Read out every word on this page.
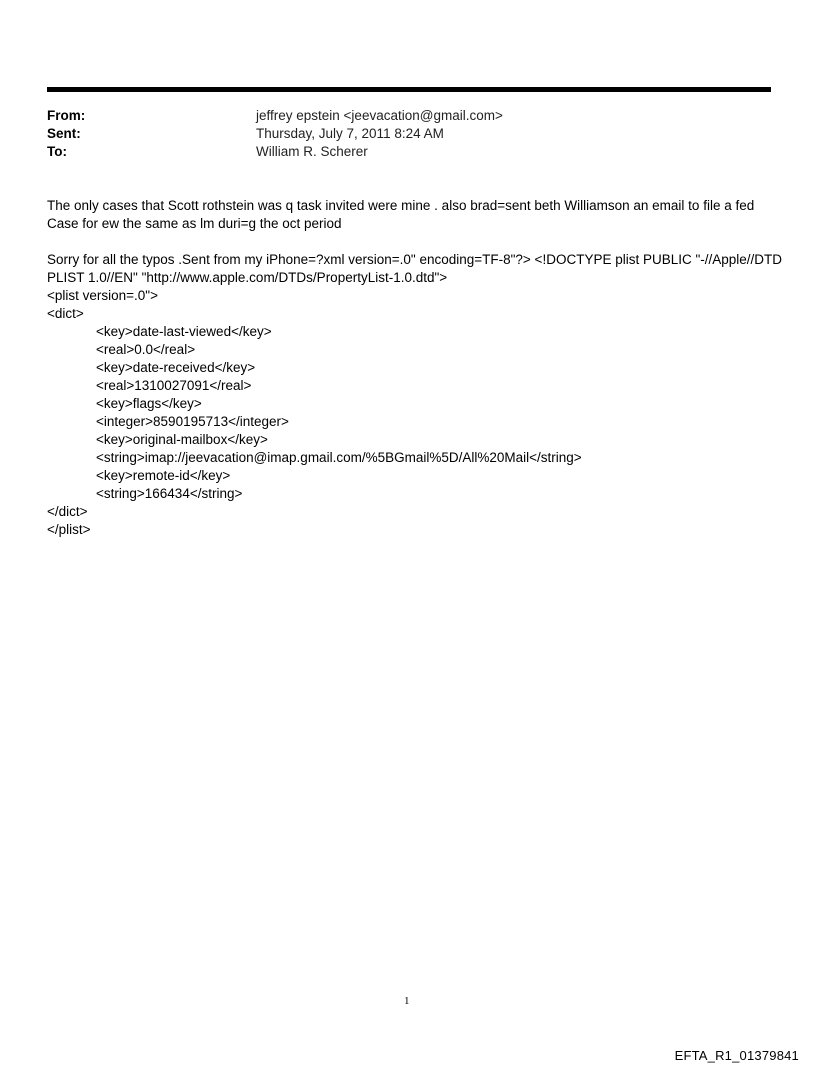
From:	jeffrey epstein <jeevacation@gmail.com>
Sent:	Thursday, July 7, 2011 8:24 AM
To:	William R. Scherer
The only cases that Scott rothstein was q task invited were mine . also brad=sent beth Williamson an email to file a fed
Case for ew the same as lm duri=g the oct period
Sorry for all the typos .Sent from my iPhone=?xml version=.0" encoding=TF-8"?> <!DOCTYPE plist PUBLIC "-//Apple//DTD
PLIST 1.0//EN" "http://www.apple.com/DTDs/PropertyList-1.0.dtd">
<plist version=.0">
<dict>
<key>date-last-viewed</key>
<real>0.0</real>
<key>date-received</key>
<real>1310027091</real>
<key>flags</key>
<integer>8590195713</integer>
<key>original-mailbox</key>
<string>imap://jeevacation@imap.gmail.com/%5BGmail%5D/All%20Mail</string>
<key>remote-id</key>
<string>166434</string>
</dict>
</plist>
1
EFTA_R1_01379841
